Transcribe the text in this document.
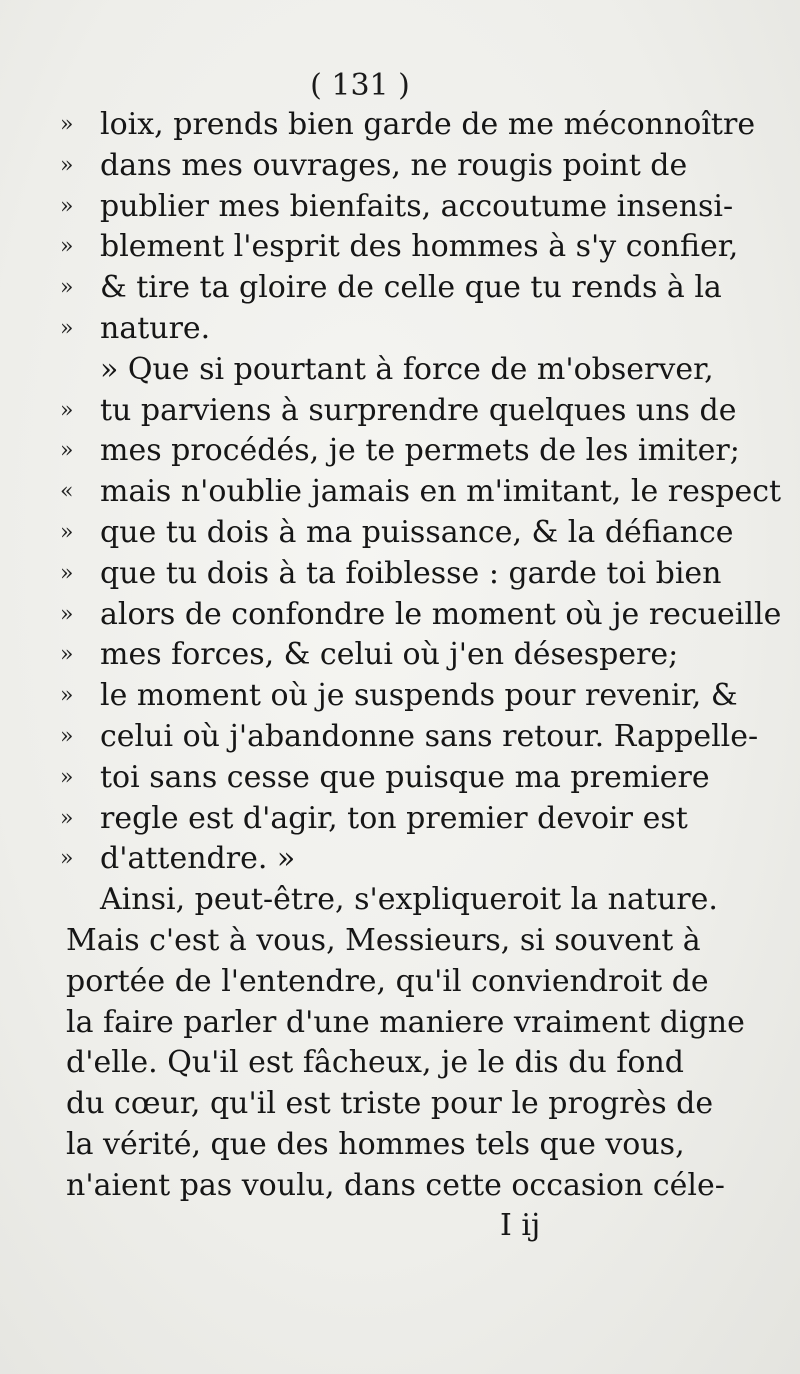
( 131 )
» loix, prends bien garde de me méconnoître
» dans mes ouvrages, ne rougis point de
» publier mes bienfaits, accoutume insensi-
» blement l'esprit des hommes à s'y confier,
» & tire ta gloire de celle que tu rends à la
» nature.
» Que si pourtant à force de m'observer,
» tu parviens à surprendre quelques uns de
» mes procédés, je te permets de les imiter;
« mais n'oublie jamais en m'imitant, le respect
» que tu dois à ma puissance, & la défiance
» que tu dois à ta foiblesse : garde toi bien
» alors de confondre le moment où je recueille
» mes forces, & celui où j'en désespere;
» le moment où je suspends pour revenir, &
» celui où j'abandonne sans retour. Rappelle-
» toi sans cesse que puisque ma premiere
» regle est d'agir, ton premier devoir est
» d'attendre. »
Ainsi, peut-être, s'expliqueroit la nature.
Mais c'est à vous, Messieurs, si souvent à
portée de l'entendre, qu'il conviendroit de
la faire parler d'une maniere vraiment digne
d'elle. Qu'il est fâcheux, je le dis du fond
du cœur, qu'il est triste pour le progrès de
la vérité, que des hommes tels que vous,
n'aient pas voulu, dans cette occasion céle-
I ij
